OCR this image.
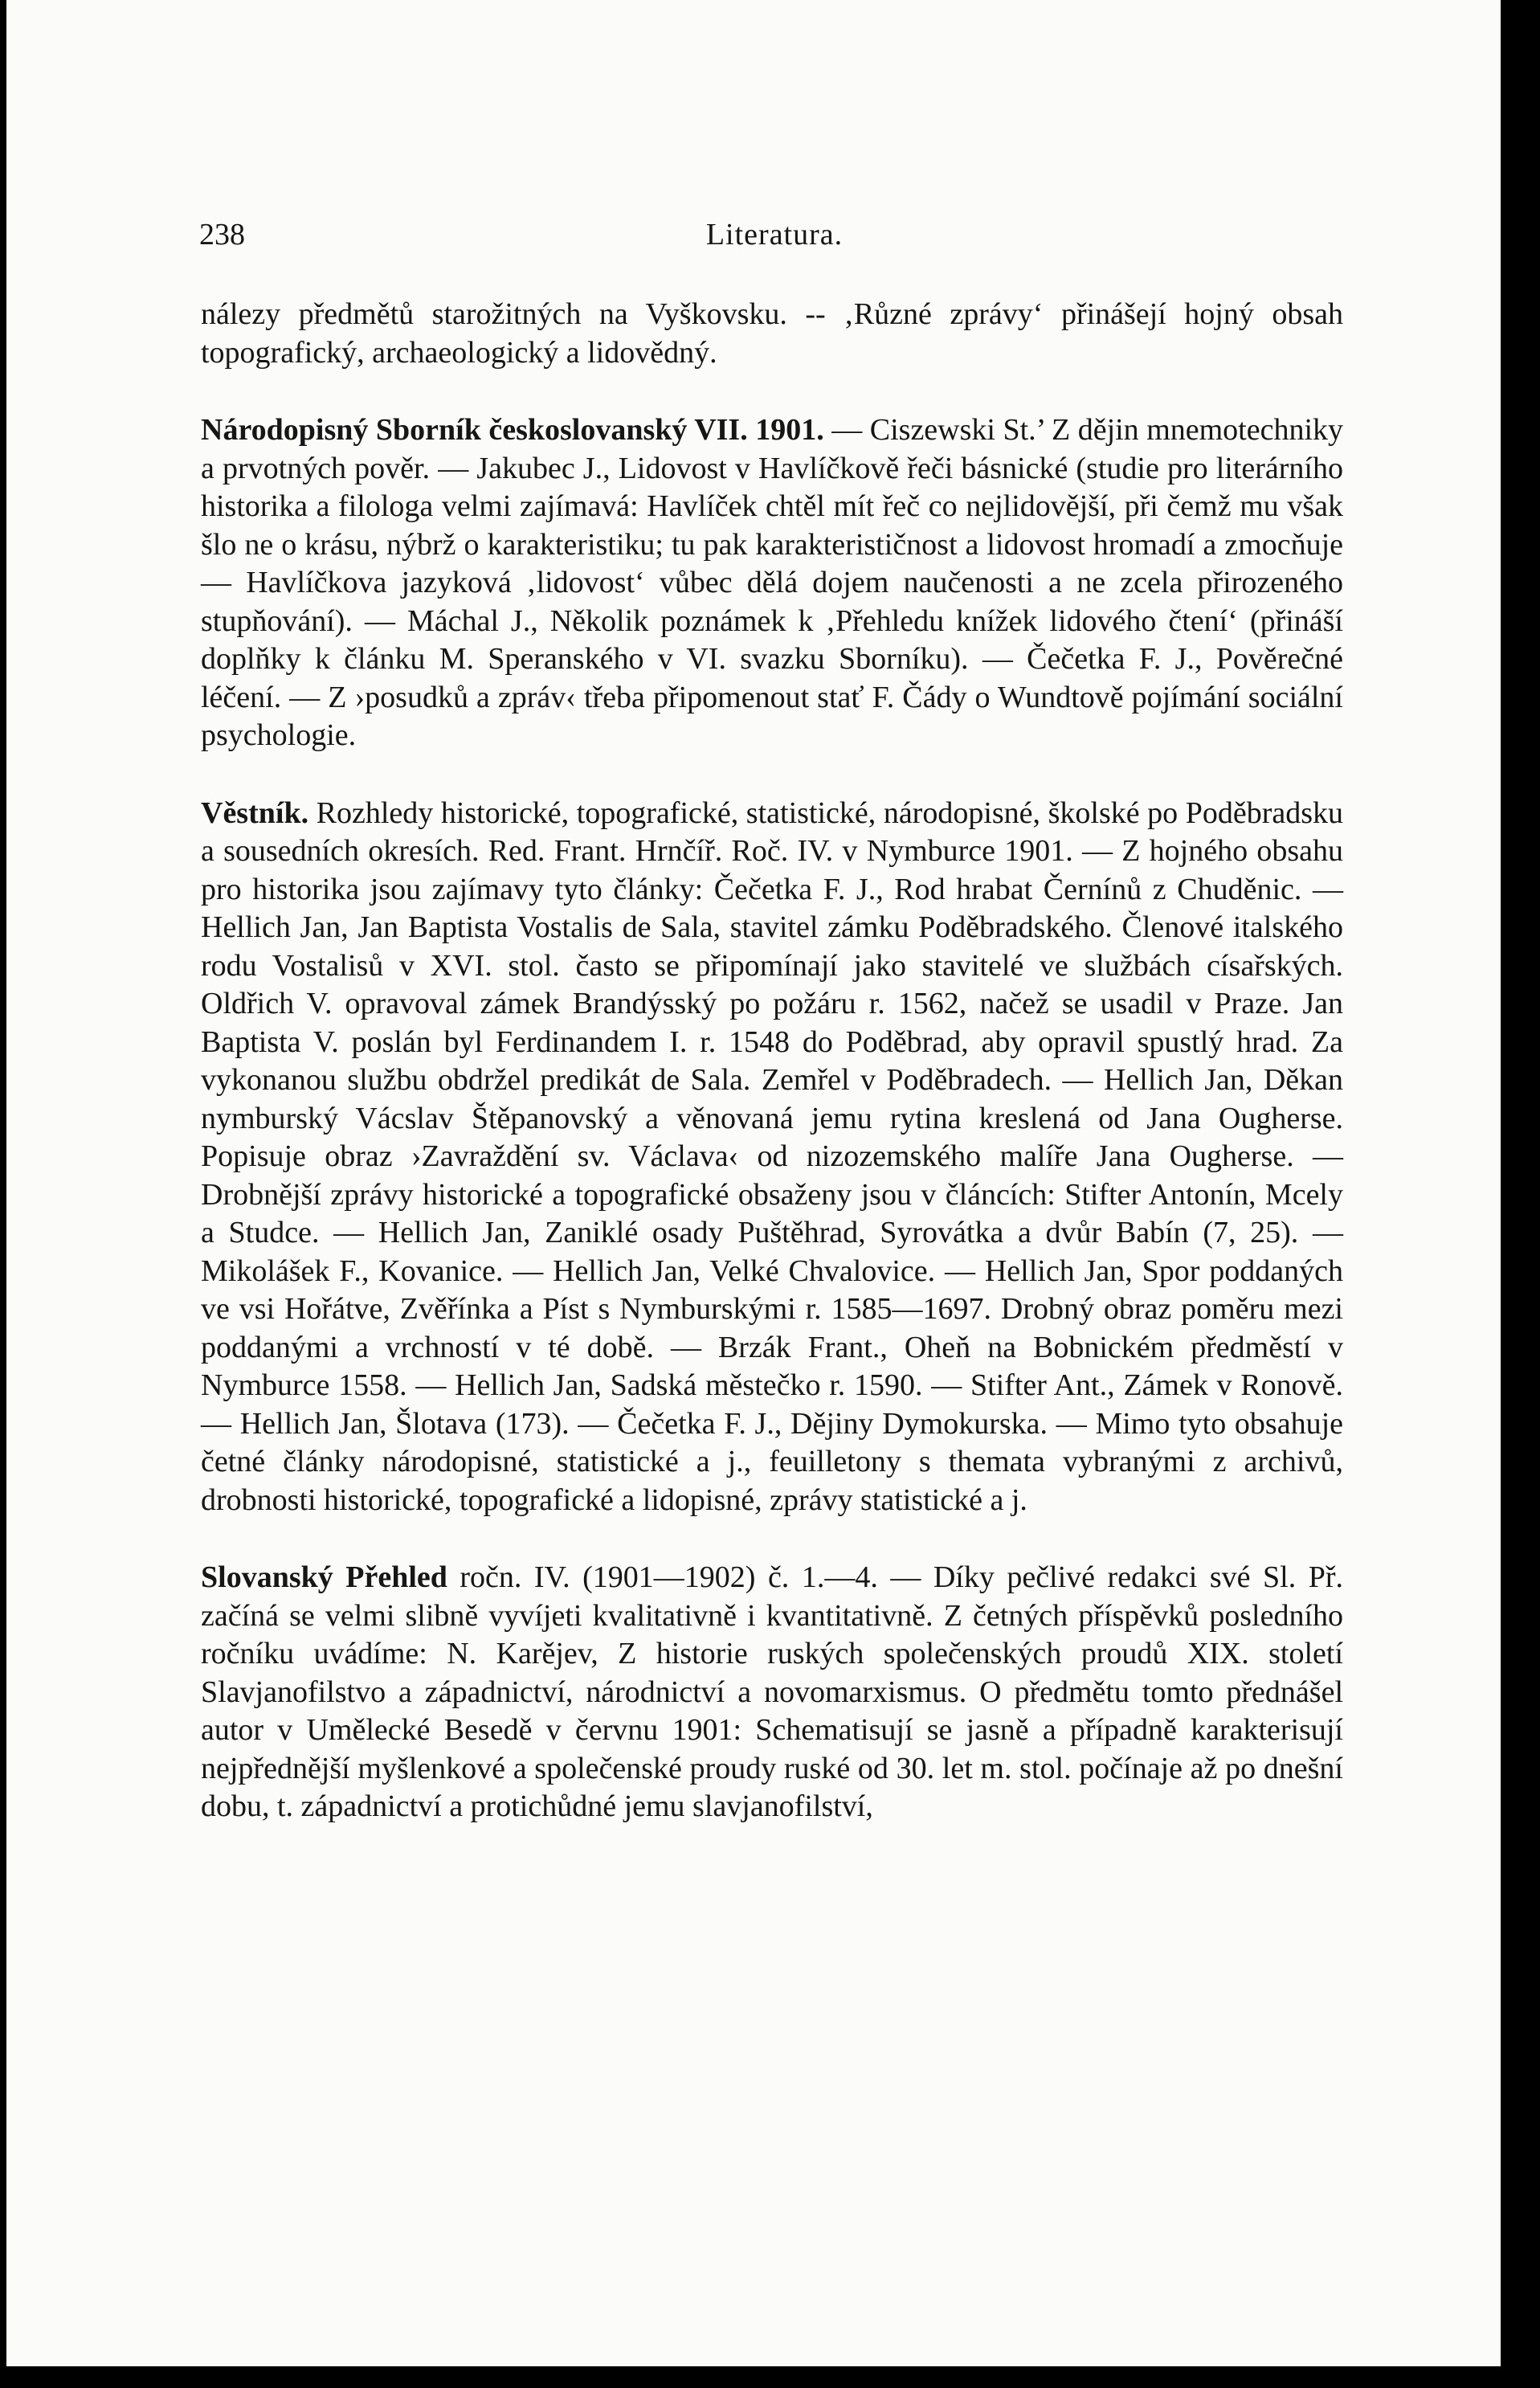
238	Literatura.

nálezy předmětů starožitných na Vyškovsku. -- ‚Různé zprávy‘ přinášejí hojný obsah topografický, archaeologický a lidovědný.

Národopisný Sborník českoslovanský VII. 1901. — Ciszewski St.’ Z dějin mnemotechniky a prvotných pověr. — Jakubec J., Lidovost v Havlíčkově řeči básnické (studie pro literárního historika a filologa velmi zajímavá: Havlíček chtěl mít řeč co nejlidovější, při čemž mu však šlo ne o krásu, nýbrž o karakteristiku; tu pak karakterističnost a lidovost hromadí a zmocňuje — Havlíčkova jazyková ‚lidovost‘ vůbec dělá dojem naučenosti a ne zcela přirozeného stupňování). — Máchal J., Několik poznámek k ‚Přehledu knížek lidového čtení‘ (přináší doplňky k článku M. Speranského v VI. svazku Sborníku). — Čečetka F. J., Pověrečné léčení. — Z ›posudků a zpráv‹ třeba připomenout stať F. Čády o Wundtově pojímání sociální psychologie.

Věstník. Rozhledy historické, topografické, statistické, národopisné, školské po Poděbradsku a sousedních okresích. Red. Frant. Hrnčíř. Roč. IV. v Nymburce 1901. — Z hojného obsahu pro historika jsou zajímavy tyto články: Čečetka F. J., Rod hrabat Černínů z Chuděnic. — Hellich Jan, Jan Baptista Vostalis de Sala, stavitel zámku Poděbradského. Členové italského rodu Vostalisů v XVI. stol. často se připomínají jako stavitelé ve službách císařských. Oldřich V. opravoval zámek Brandýsský po požáru r. 1562, načež se usadil v Praze. Jan Baptista V. poslán byl Ferdinandem I. r. 1548 do Poděbrad, aby opravil spustlý hrad. Za vykonanou službu obdržel predikát de Sala. Zemřel v Poděbradech. — Hellich Jan, Děkan nymburský Vácslav Štěpanovský a věnovaná jemu rytina kreslená od Jana Ougherse. Popisuje obraz ›Zavraždění sv. Václava‹ od nizozemského malíře Jana Ougherse. — Drobnější zprávy historické a topografické obsaženy jsou v článcích: Stifter Antonín, Mcely a Studce. — Hellich Jan, Zaniklé osady Puštěhrad, Syrovátka a dvůr Babín (7, 25). — Mikolášek F., Kovanice. — Hellich Jan, Velké Chvalovice. — Hellich Jan, Spor poddaných ve vsi Hořátve, Zvěřínka a Píst s Nymburskými r. 1585—1697. Drobný obraz poměru mezi poddanými a vrchností v té době. — Brzák Frant., Oheň na Bobnickém předměstí v Nymburce 1558. — Hellich Jan, Sadská městečko r. 1590. — Stifter Ant., Zámek v Ronově. — Hellich Jan, Šlotava (173). — Čečetka F. J., Dějiny Dymokurska. — Mimo tyto obsahuje četné články národopisné, statistické a j., feuilletony s themata vybranými z archivů, drobnosti historické, topografické a lidopisné, zprávy statistické a j.

Slovanský Přehled ročn. IV. (1901—1902) č. 1.—4. — Díky pečlivé redakci své Sl. Př. začíná se velmi slibně vyvíjeti kvalitativně i kvantitativně. Z četných příspěvků posledního ročníku uvádíme: N. Karějev, Z historie ruských společenských proudů XIX. století Slavjanofilstvo a západnictví, národnictví a novomarxismus. O předmětu tomto přednášel autor v Umělecké Besedě v červnu 1901: Schematisují se jasně a případně karakterisují nejpřednější myšlenkové a společenské proudy ruské od 30. let m. stol. počínaje až po dnešní dobu, t. západnictví a protichůdné jemu slavjanofilství,
